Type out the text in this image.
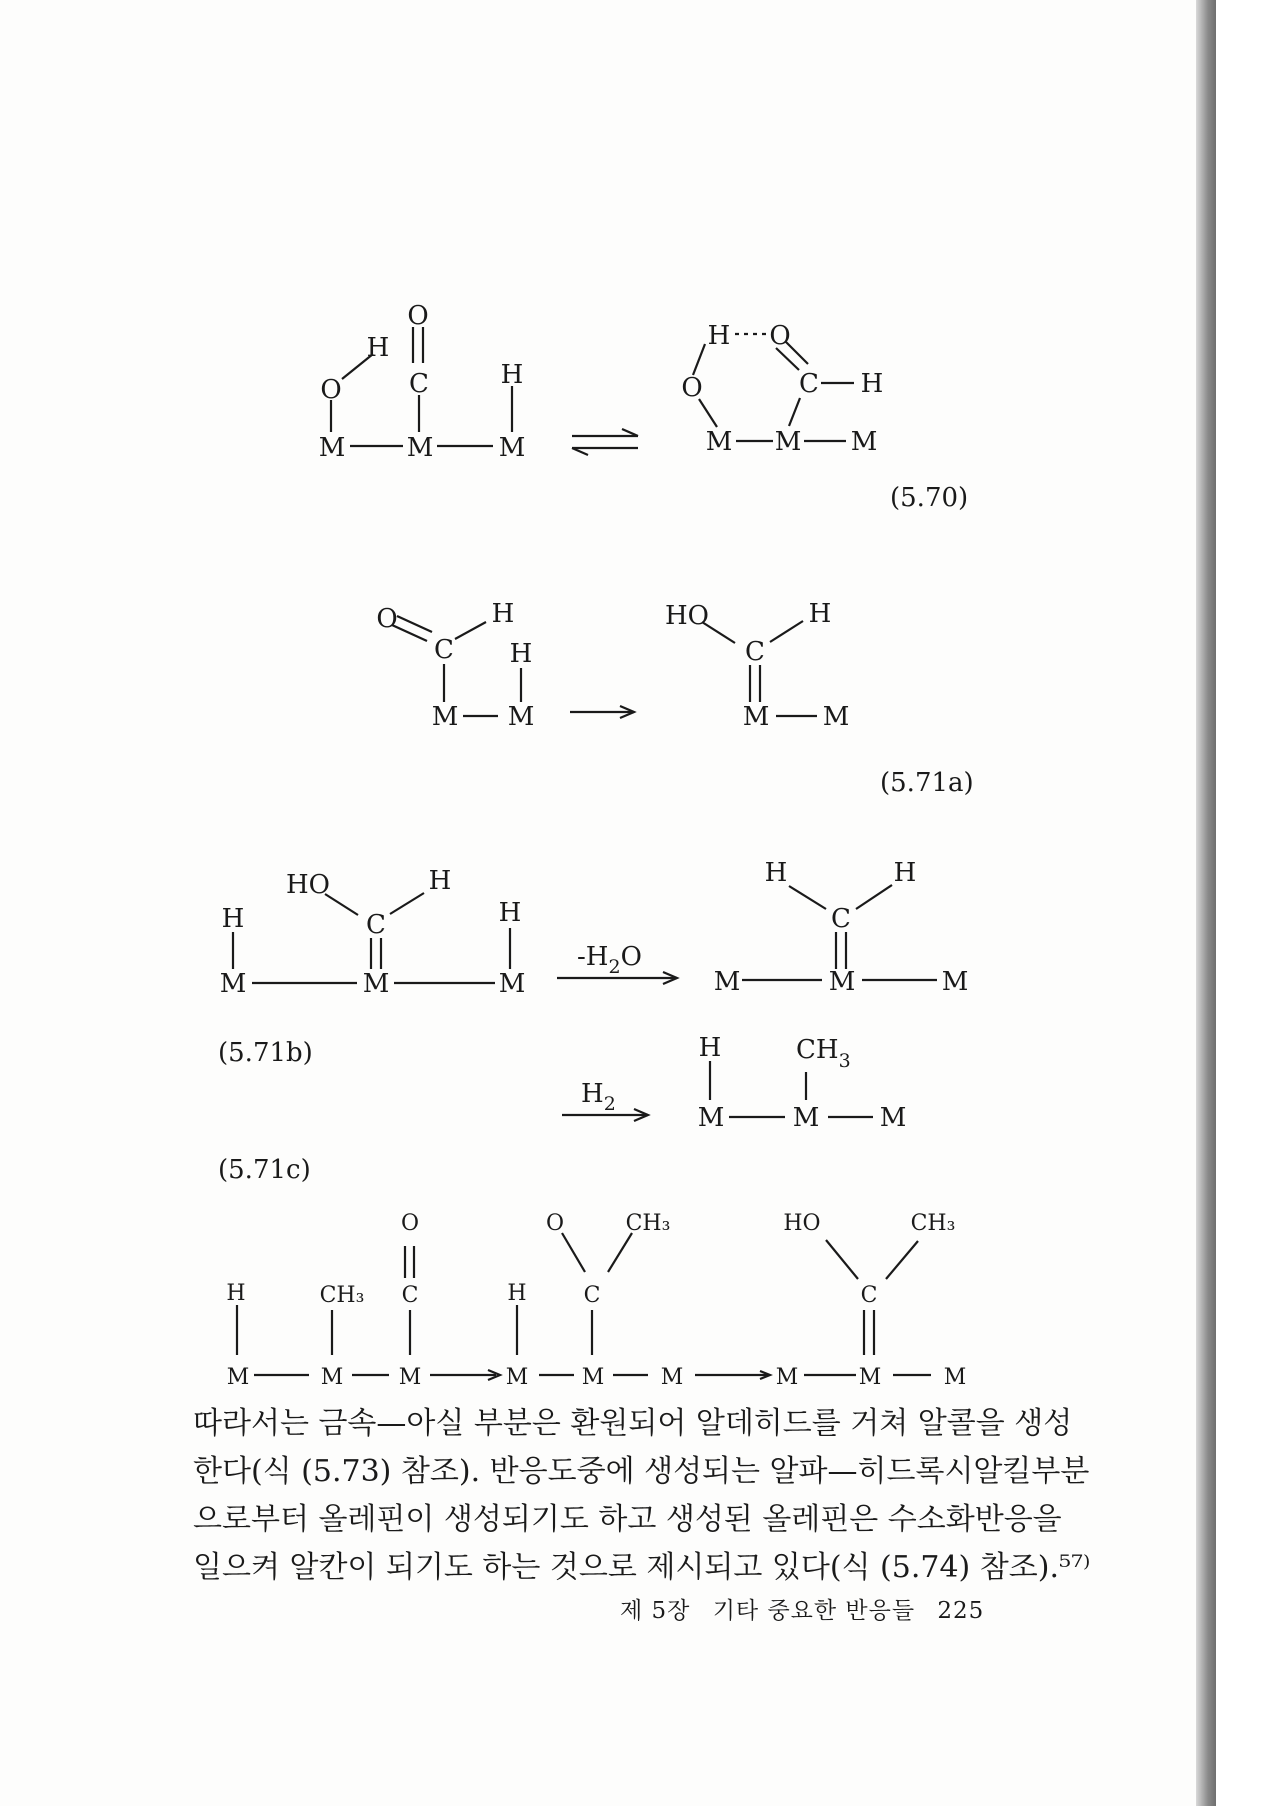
O
H
O	C	H
M M	M
H O
C H
O
M M M
(5.70)
O	H
C H
M M
HO	H
C
M M
(5.71a)
HO	H
C
H	H
M	M	M
$-H_2O$
H	H
C
M	M	M
(5.71b)
$H_2$
H	$CH_3$
M	M M
(5.71c)
H	CH₃
O
C
M	M	M
O	CH₃
H	C
M M	M
HO	CH₃
C
M	M	M
따라서는 금속—아실 부분은 환원되어 알데히드를 거쳐 알콜을 생성
한다(식 (5.73) 참조). 반응도중에 생성되는 알파—히드록시알킬부분
으로부터 올레핀이 생성되기도 하고 생성된 올레핀은 수소화반응을
일으켜 알칸이 되기도 하는 것으로 제시되고 있다(식 (5.74) 참조).⁵⁷⁾
제 5장 기타 중요한 반응들 225
